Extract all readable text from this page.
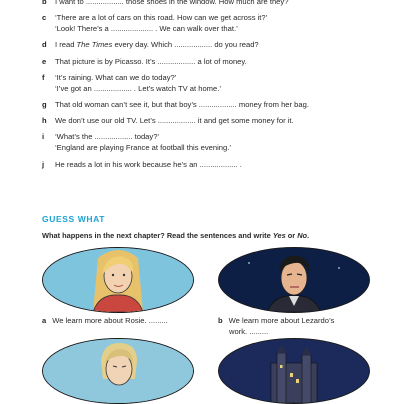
b I want to .................. those shoes in the window. How much are they?
c ‘There are a lot of cars on this road. How can we get across it?’
‘Look! There’s a .................... . We can walk over that.’
d I read The Times every day. Which .................. do you read?
e That picture is by Picasso. It’s .................. a lot of money.
f ‘It’s raining. What can we do today?’
‘I’ve got an .................. . Let’s watch TV at home.’
g That old woman can’t see it, but that boy’s .................. money from her bag.
h We don’t use our old TV. Let’s .................. it and get some money for it.
i ‘What’s the .................. today?’
‘England are playing France at football this evening.’
j He reads a lot in his work because he’s an .................. .
GUESS WHAT
What happens in the next chapter? Read the sentences and write Yes or No.
a We learn more about Rosie. .........	b We learn more about Lezardo’s
work. .........
